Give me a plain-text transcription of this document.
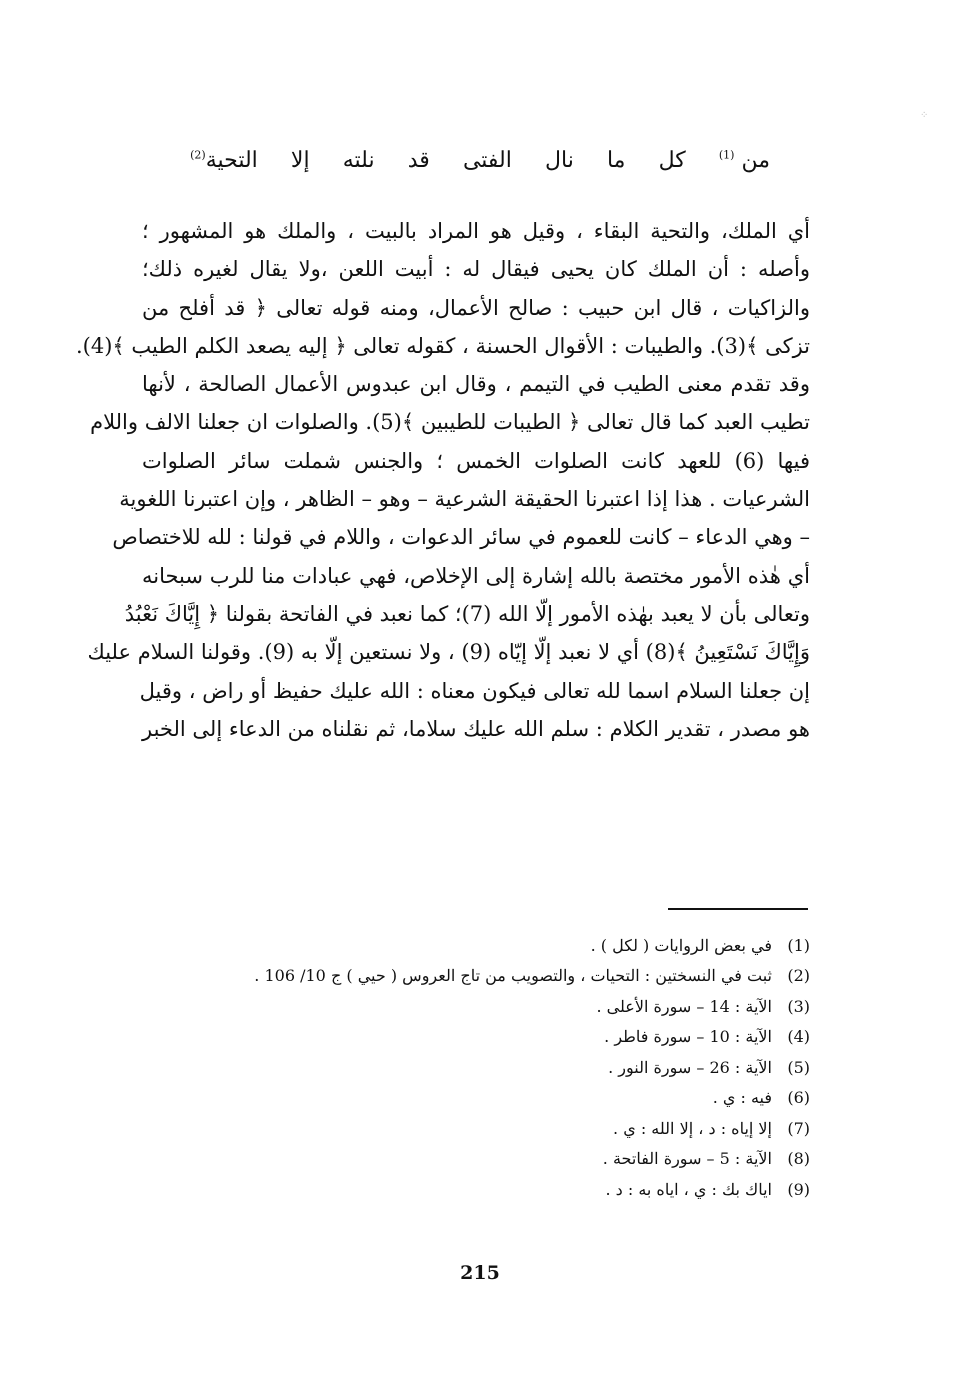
⁘
من $^{(1)}$
كل
ما
نال
الفتى
قد
نلته
إلا
التحية$^{(2)}$
أي الملك، والتحية البقاء ، وقيل هو المراد بالبيت ، والملك هو المشهور ؛
وأصله : أن الملك كان يحيى فيقال له : أبيت اللعن ،ولا يقال لغيره ذلك؛
والزاكيات ، قال ابن حبيب : صالح الأعمال، ومنه قوله تعالى ﴿ قد أفلح من
تزكى ﴾(3). والطيبات : الأقوال الحسنة ، كقوله تعالى ﴿ إليه يصعد الكلم الطيب ﴾(4).
وقد تقدم معنى الطيب في التيمم ، وقال ابن عبدوس الأعمال الصالحة ، لأنها
تطيب العبد كما قال تعالى ﴿ الطيبات للطيبين ﴾(5). والصلوات ان جعلنا الالف واللام
فيها (6) للعهد كانت الصلوات الخمس ؛ والجنس شملت سائر الصلوات
الشرعيات . هذا إذا اعتبرنا الحقيقة الشرعية – وهو – الظاهر ، وإن اعتبرنا اللغوية
– وهي الدعاء – كانت للعموم في سائر الدعوات ، واللام في قولنا : لله للاختصاص
أي هٰذه الأمور مختصة بالله إشارة إلى الإخلاص، فهي عبادات منا للرب سبحانه
وتعالى بأن لا يعبد بهٰذه الأمور إلّا الله (7)؛ كما نعبد في الفاتحة بقولنا ﴿ إِيَّاكَ نَعْبُدُ
وَإِيَّاكَ نَسْتَعِينُ ﴾(8) أي لا نعبد إلّا إيّاه (9) ، ولا نستعين إلّا به (9). وقولنا السلام عليك
إن جعلنا السلام اسما لله تعالى فيكون معناه : الله عليك حفيظ أو راض ، وقيل
هو مصدر ، تقدير الكلام : سلم الله عليك سلاما، ثم نقلناه من الدعاء إلى الخبر
(1)
في بعض الروايات ( لكل ) .
(2)
ثبت في النسختين : التحيات ، والتصويب من تاج العروس ( حيي ) ج 10/ 106 .
(3)
الآية : 14 – سورة الأعلى .
(4)
الآية : 10 – سورة فاطر .
(5)
الآية : 26 – سورة النور .
(6)
فيه : ي .
(7)
إلا إياه : د ، إلا الله : ي .
(8)
الآية : 5 – سورة الفاتحة .
(9)
اياك بك : ي ، اياه به : د .
215
